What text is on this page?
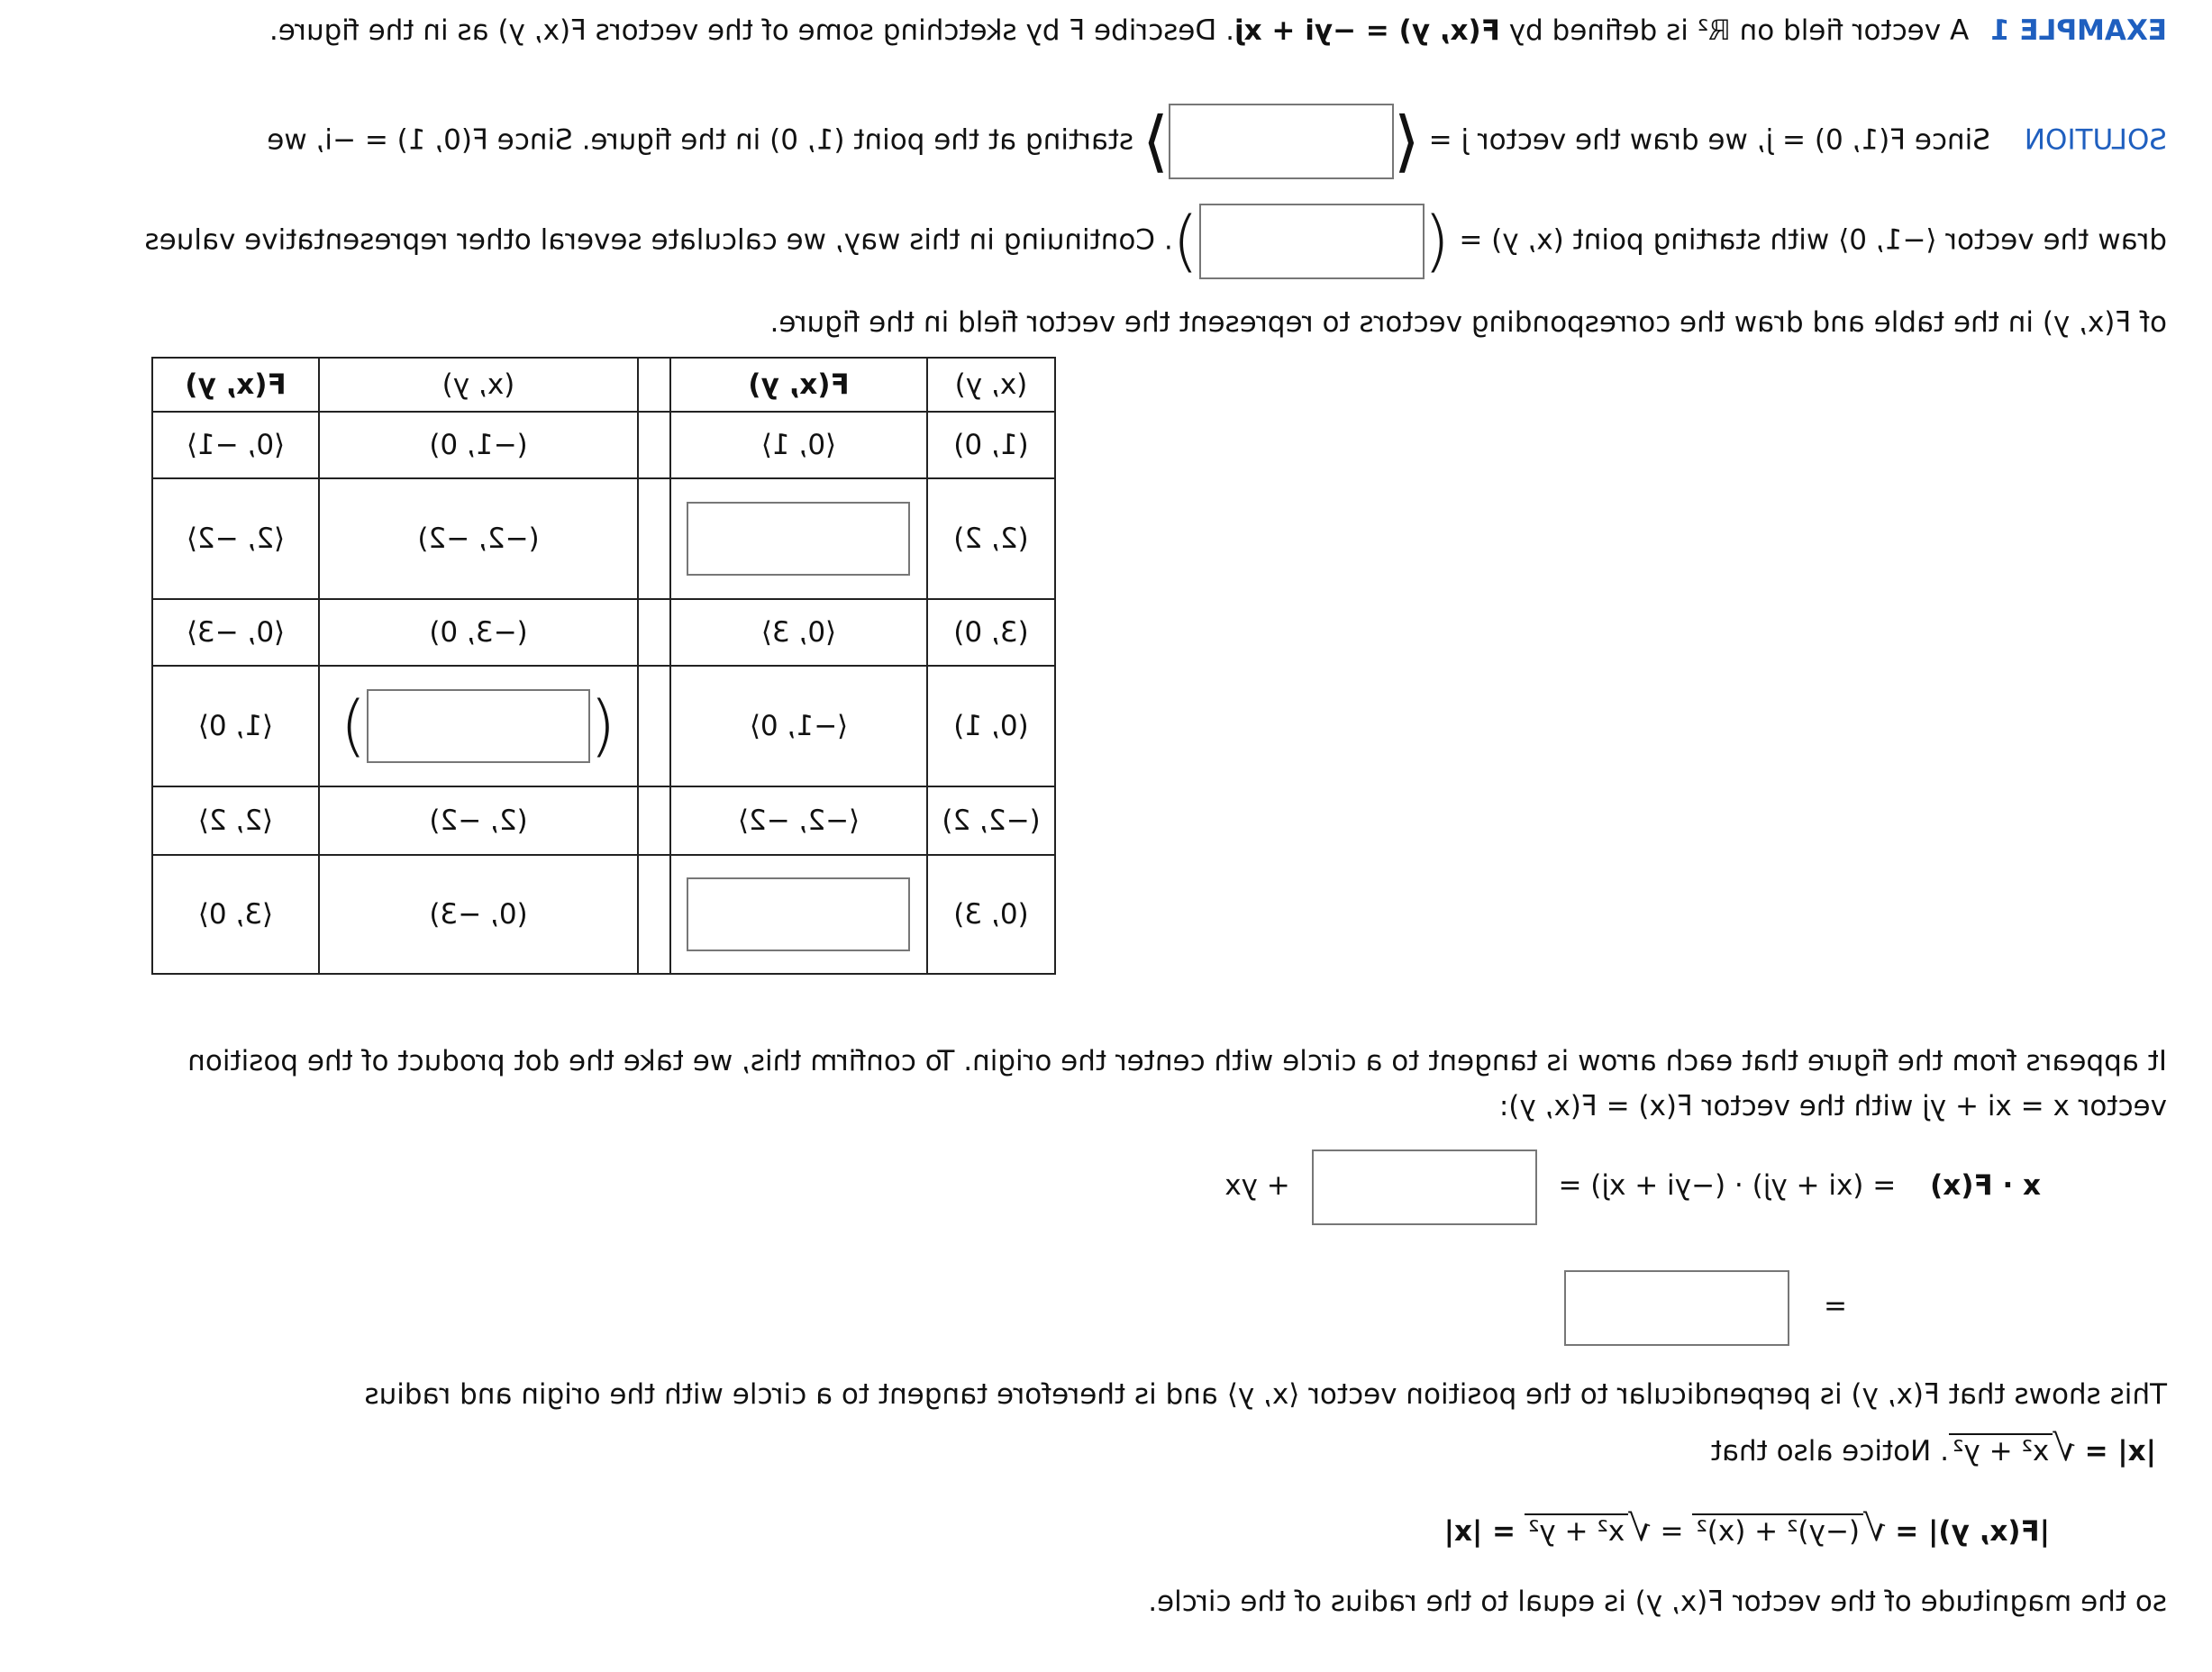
EXAMPLE 1 A vector field on ℝ² is defined by F(x, y) = −yi + xj. Describe F by sketching some of the vectors F(x, y) as in the figure.
SOLUTION Since F(1, 0) = j, we draw the vector j = ⟨⟩ starting at the point (1, 0) in the figure. Since F(0, 1) = −i, we
draw the vector ⟨−1, 0⟩ with starting point (x, y) = (). Continuing in this way, we calculate several other representative values
of F(x, y) in the table and draw the corresponding vectors to represent the vector field in the figure.
(x, y)	F(x, y)		(x, y)	F(x, y)
(1, 0)	⟨0, 1⟩		(−1, 0)	⟨0, −1⟩
(2, 2)			(−2, −2)	⟨2, −2⟩
(3, 0)	⟨0, 3⟩		(−3, 0)	⟨0, −3⟩
(0, 1)	⟨−1, 0⟩		()	⟨1, 0⟩
(−2, 2)	⟨−2, −2⟩		(2, −2)	⟨2, 2⟩
(0, 3)			(0, −3)	⟨3, 0⟩
It appears from the figure that each arrow is tangent to a circle with center the origin. To confirm this, we take the dot product of the position
vector x = xi + yj with the vector F(x) = F(x, y):
x · F(x) = (xi + yj) · (−yi + xj) =  + yx
=
This shows that F(x, y) is perpendicular to the position vector ⟨x, y⟩ and is therefore tangent to a circle with the origin and radius
|x| = √x² + y². Notice also that
|F(x, y)| = √(−y)² + (x)² = √x² + y² = |x|
so the magnitude of the vector F(x, y) is equal to the radius of the circle.
